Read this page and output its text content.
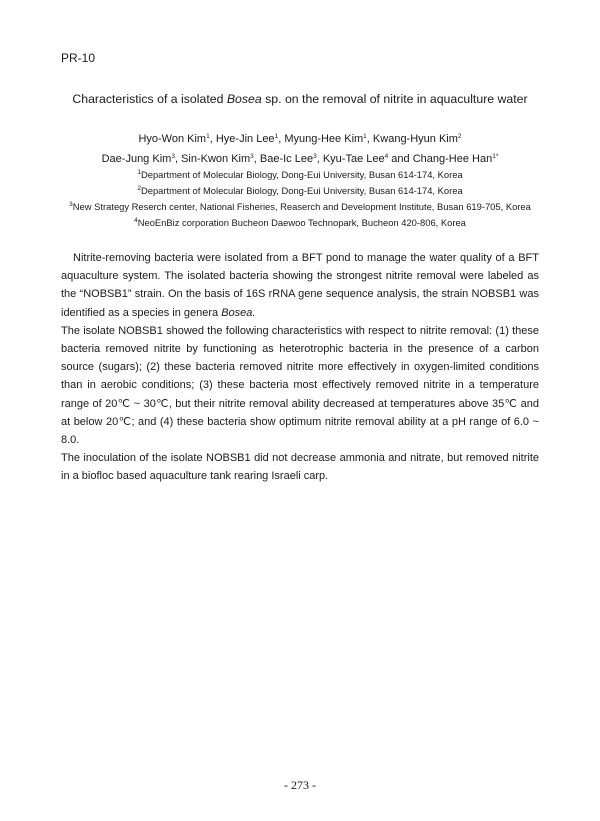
PR-10
Characteristics of a isolated Bosea sp. on the removal of nitrite in aquaculture water
Hyo-Won Kim$^1$, Hye-Jin Lee$^1$, Myung-Hee Kim$^1$, Kwang-Hyun Kim$^2$
Dae-Jung Kim$^3$, Sin-Kwon Kim$^3$, Bae-Ic Lee$^3$, Kyu-Tae Lee$^4$ and Chang-Hee Han$^{1*}$
$^1$Department of Molecular Biology, Dong-Eui University, Busan 614-174, Korea
$^2$Department of Molecular Biology, Dong-Eui University, Busan 614-174, Korea
$^3$New Strategy Reserch center, National Fisheries, Reaserch and Development Institute, Busan 619-705, Korea
$^4$NeoEnBiz corporation Bucheon Daewoo Technopark, Bucheon 420-806, Korea

Nitrite-removing bacteria were isolated from a BFT pond to manage the water quality of a BFT aquaculture system. The isolated bacteria showing the strongest nitrite removal were labeled as the “NOBSB1” strain. On the basis of 16S rRNA gene sequence analysis, the strain NOBSB1 was identified as a species in genera Bosea.

The isolate NOBSB1 showed the following characteristics with respect to nitrite removal: (1) these bacteria removed nitrite by functioning as heterotrophic bacteria in the presence of a carbon source (sugars); (2) these bacteria removed nitrite more effectively in oxygen-limited conditions than in aerobic conditions; (3) these bacteria most effectively removed nitrite in a temperature range of 20℃ ~ 30℃, but their nitrite removal ability decreased at temperatures above 35℃ and at below 20℃; and (4) these bacteria show optimum nitrite removal ability at a pH range of 6.0 ~ 8.0.

The inoculation of the isolate NOBSB1 did not decrease ammonia and nitrate, but removed nitrite in a biofloc based aquaculture tank rearing Israeli carp.

- 273 -
